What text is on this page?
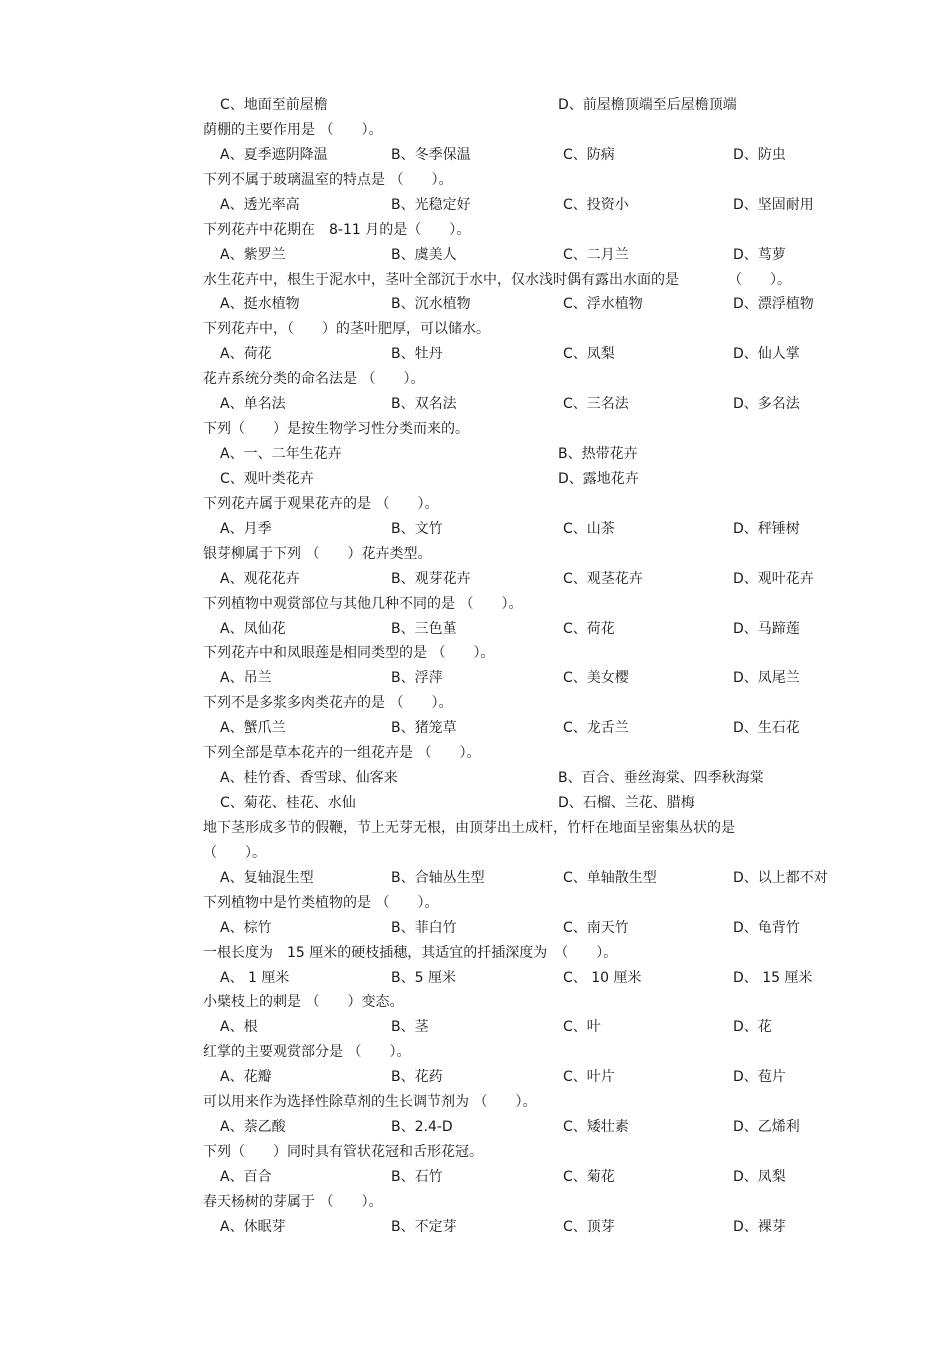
C、地面至前屋檐	D、前屋檐顶端至后屋檐顶端
荫棚的主要作用是 （　　）。
A、夏季遮阴降温	B、冬季保温	C、防病	D、防虫
下列不属于玻璃温室的特点是 （　　）。
A、透光率高	B、光稳定好	C、投资小	D、坚固耐用
下列花卉中花期在　8-11 月的是（　　）。
A、紫罗兰	B、虞美人	C、二月兰	D、茑萝
水生花卉中，根生于泥水中，茎叶全部沉于水中，仅水浅时偶有露出水面的是　　　　（　　）。
A、挺水植物	B、沉水植物	C、浮水植物	D、漂浮植物
下列花卉中，（　　）的茎叶肥厚，可以储水。
A、荷花	B、牡丹	C、凤梨	D、仙人掌
花卉系统分类的命名法是 （　　）。
A、单名法	B、双名法	C、三名法	D、多名法
下列（　　）是按生物学习性分类而来的。
A、一、二年生花卉	B、热带花卉
C、观叶类花卉	D、露地花卉
下列花卉属于观果花卉的是 （　　）。
A、月季	B、文竹	C、山茶	D、秤锤树
银芽柳属于下列 （　　）花卉类型。
A、观花花卉	B、观芽花卉	C、观茎花卉	D、观叶花卉
下列植物中观赏部位与其他几种不同的是 （　　）。
A、凤仙花	B、三色堇	C、荷花	D、马蹄莲
下列花卉中和凤眼莲是相同类型的是 （　　）。
A、吊兰	B、浮萍	C、美女樱	D、凤尾兰
下列不是多浆多肉类花卉的是 （　　）。
A、蟹爪兰	B、猪笼草	C、龙舌兰	D、生石花
下列全部是草本花卉的一组花卉是 （　　）。
A、桂竹香、香雪球、仙客来	B、百合、垂丝海棠、四季秋海棠
C、菊花、桂花、水仙	D、石榴、兰花、腊梅
地下茎形成多节的假鞭，节上无芽无根，由顶芽出土成杆，竹杆在地面呈密集丛状的是
（　　）。
A、复轴混生型	B、合轴丛生型	C、单轴散生型	D、以上都不对
下列植物中是竹类植物的是 （　　）。
A、棕竹	B、菲白竹	C、南天竹	D、龟背竹
一根长度为　15 厘米的硬枝插穗，其适宜的扦插深度为　（　　）。
A、 1 厘米	B、5 厘米	C、 10 厘米	D、 15 厘米
小檗枝上的刺是 （　　）变态。
A、根	B、茎	C、叶	D、花
红掌的主要观赏部分是 （　　）。
A、花瓣	B、花药	C、叶片	D、苞片
可以用来作为选择性除草剂的生长调节剂为 （　　）。
A、萘乙酸	B、2.4-D	C、矮壮素	D、乙烯利
下列（　　）同时具有管状花冠和舌形花冠。
A、百合	B、石竹	C、菊花	D、凤梨
春天杨树的芽属于 （　　）。
A、休眠芽	B、不定芽	C、顶芽	D、裸芽
